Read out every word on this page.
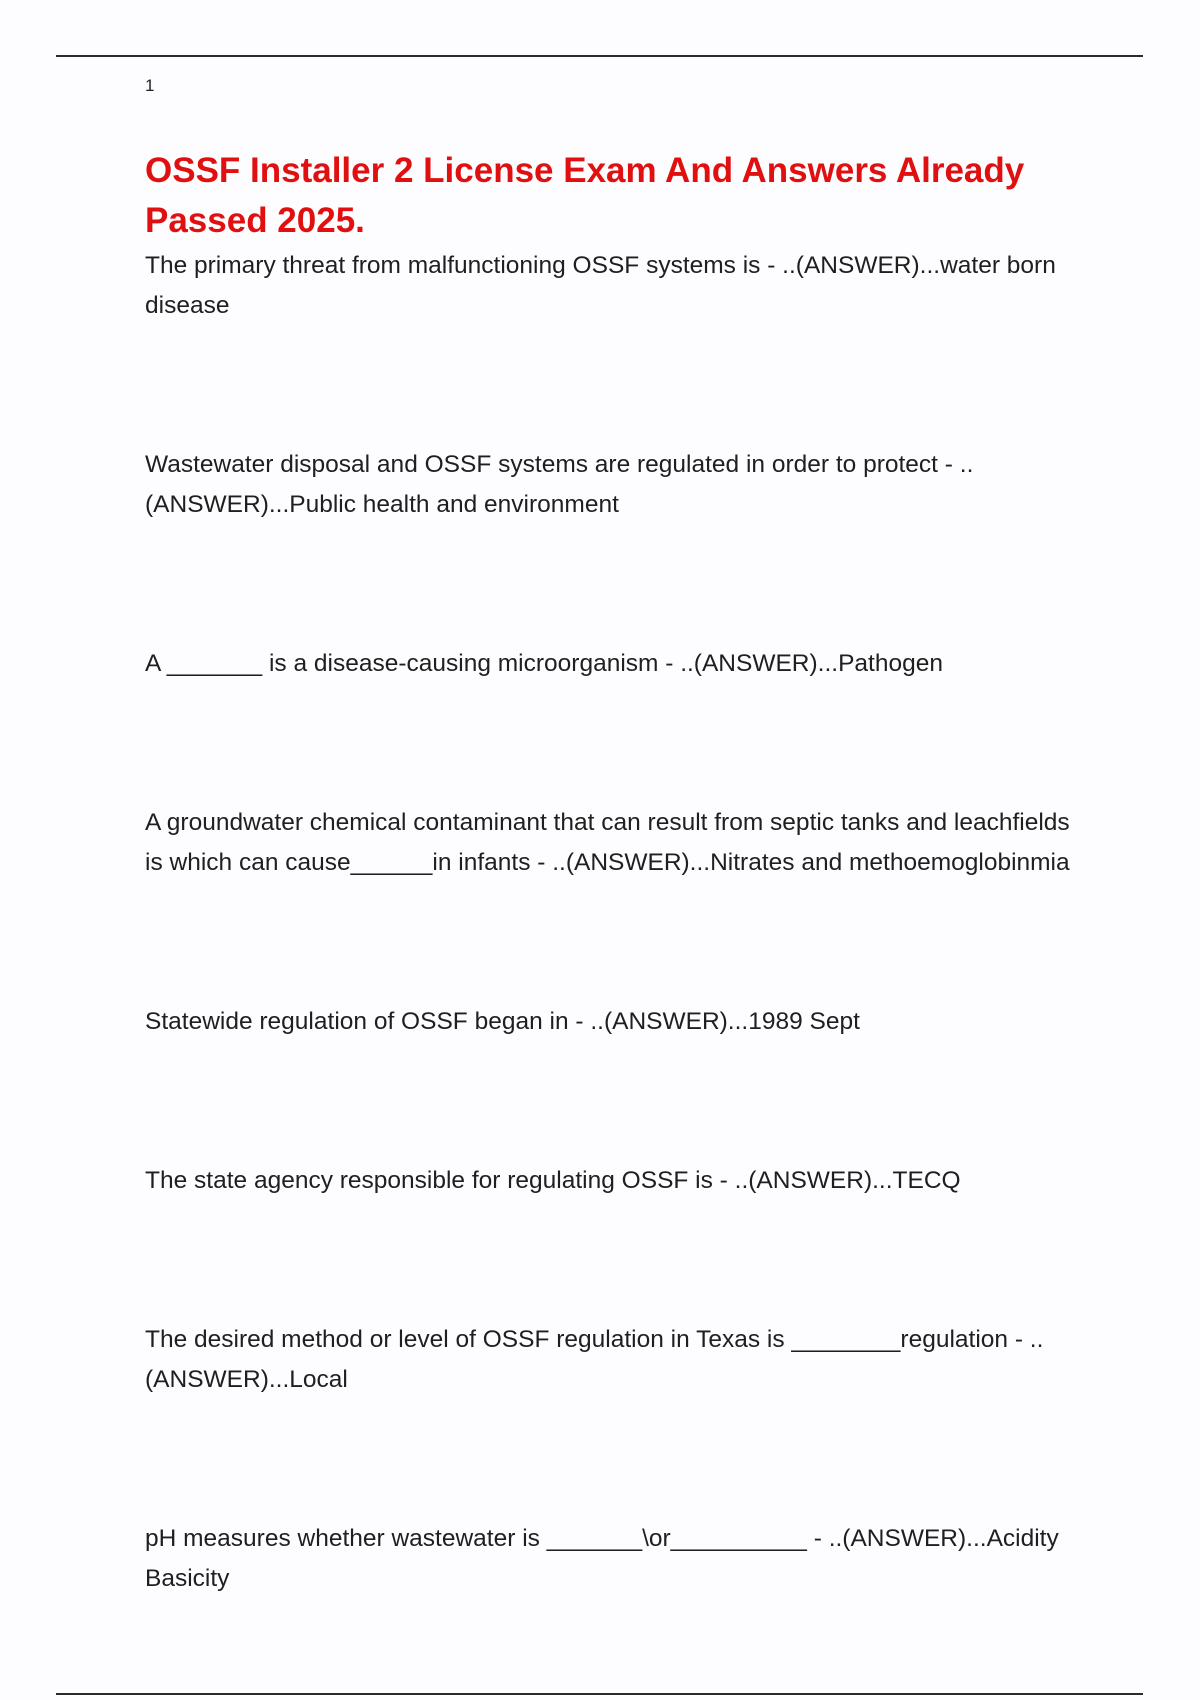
1
OSSF Installer 2 License Exam And Answers Already Passed 2025.

The primary threat from malfunctioning OSSF systems is - ..(ANSWER)...water born disease

Wastewater disposal and OSSF systems are regulated in order to protect - ..(ANSWER)...Public health and environment

A _______ is a disease-causing microorganism - ..(ANSWER)...Pathogen

A groundwater chemical contaminant that can result from septic tanks and leachfields is which can cause______in infants - ..(ANSWER)...Nitrates and methoemoglobinmia

Statewide regulation of OSSF began in - ..(ANSWER)...1989 Sept

The state agency responsible for regulating OSSF is - ..(ANSWER)...TECQ

The desired method or level of OSSF regulation in Texas is ________regulation - ..(ANSWER)...Local

pH measures whether wastewater is _______\or__________ - ..(ANSWER)...Acidity Basicity
